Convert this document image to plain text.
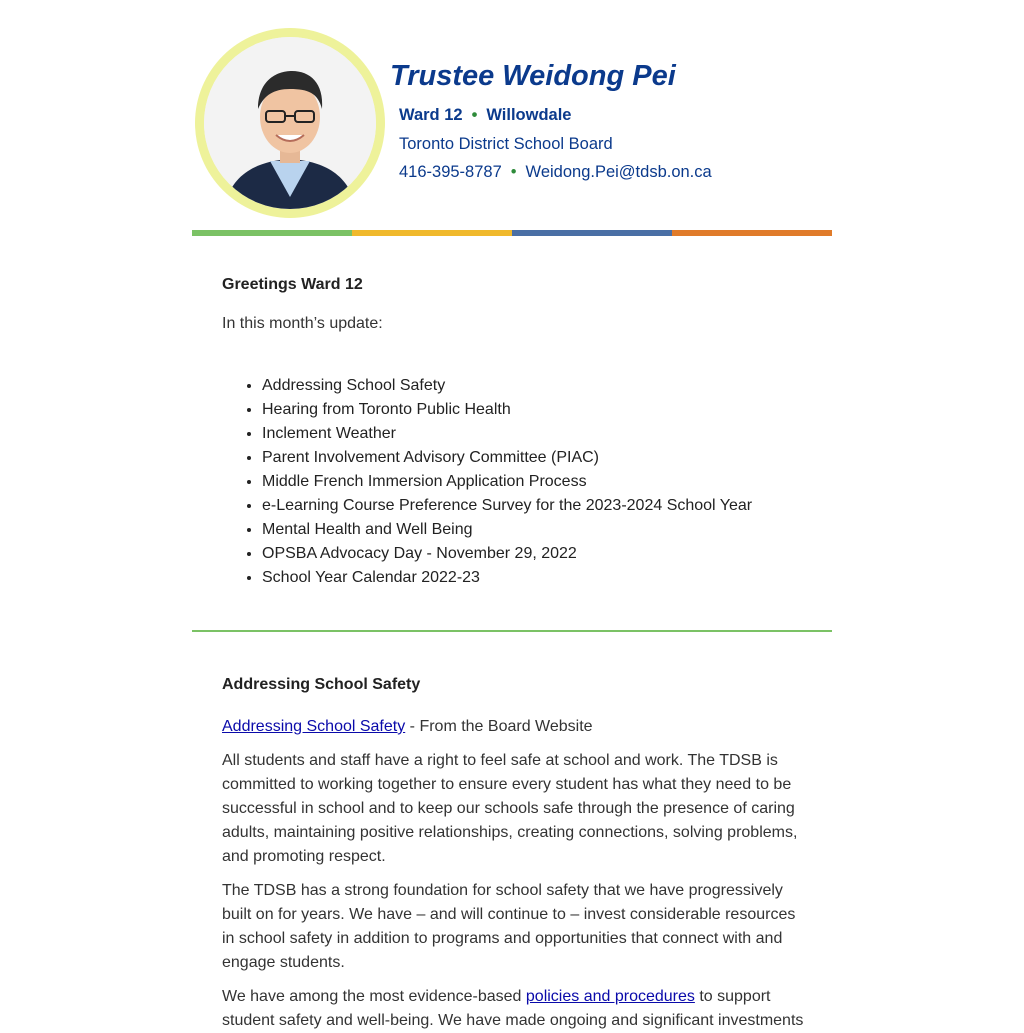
Trustee Weidong Pei
Ward 12 • Willowdale
Toronto District School Board
416-395-8787 • Weidong.Pei@tdsb.on.ca

Greetings Ward 12

In this month’s update:

• Addressing School Safety
• Hearing from Toronto Public Health
• Inclement Weather
• Parent Involvement Advisory Committee (PIAC)
• Middle French Immersion Application Process
• e-Learning Course Preference Survey for the 2023-2024 School Year
• Mental Health and Well Being
• OPSBA Advocacy Day - November 29, 2022
• School Year Calendar 2022-23
Addressing School Safety

Addressing School Safety - From the Board Website

All students and staff have a right to feel safe at school and work. The TDSB is committed to working together to ensure every student has what they need to be successful in school and to keep our schools safe through the presence of caring adults, maintaining positive relationships, creating connections, solving problems, and promoting respect.

The TDSB has a strong foundation for school safety that we have progressively built on for years. We have – and will continue to – invest considerable resources in school safety in addition to programs and opportunities that connect with and engage students.

We have among the most evidence-based policies and procedures to support student safety and well-being. We have made ongoing and significant investments
